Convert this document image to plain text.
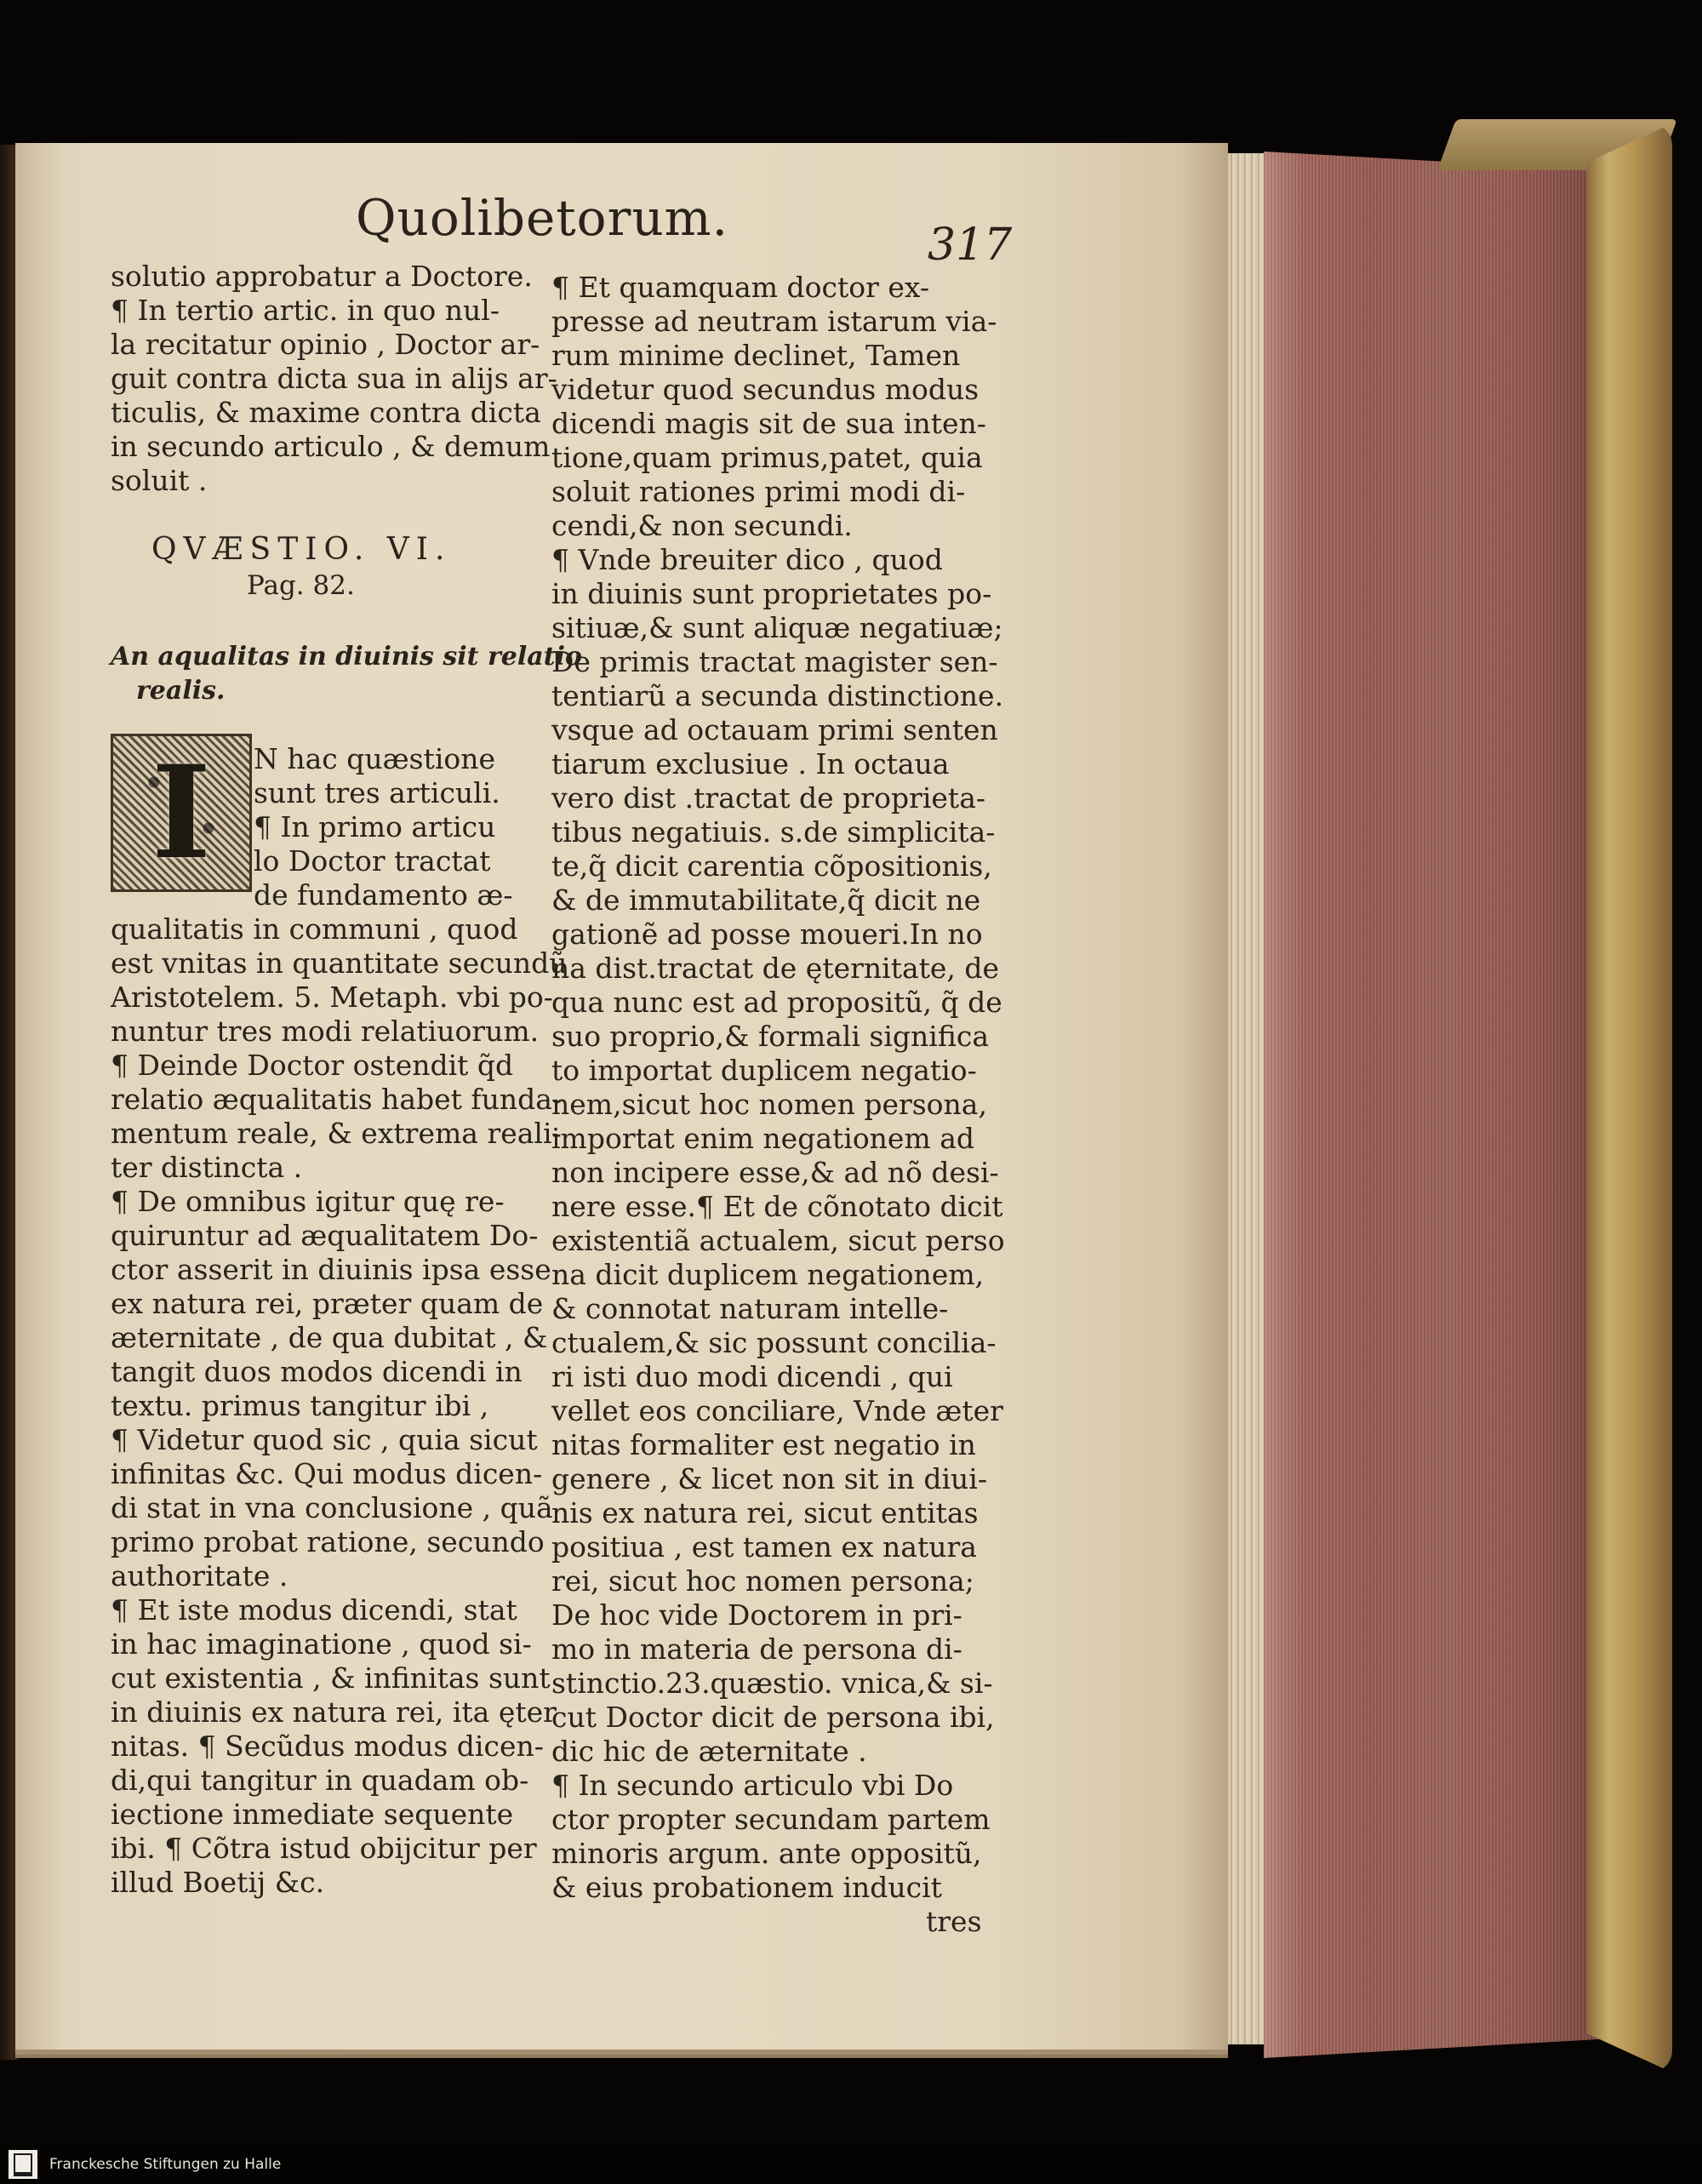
Quolibetorum.	317
solutio approbatur a Doctore.
¶ In tertio artic. in quo nul-
la recitatur opinio , Doctor ar-
guit contra dicta sua in alijs ar-
ticulis, & maxime contra dicta
in secundo articulo , & demum
soluit .
QVÆSTIO. VI.
Pag. 82.
An aqualitas in diuinis sit relatio
realis.
I N hac quæstione
sunt tres articuli.
¶ In primo articu
lo Doctor tractat
de fundamento æ-
qualitatis in communi , quod
est vnitas in quantitate secundũ
Aristotelem. 5. Metaph. vbi po-
nuntur tres modi relatiuorum.
¶ Deinde Doctor ostendit q̃d
relatio æqualitatis habet funda-
mentum reale, & extrema reali-
ter distincta .
¶ De omnibus igitur quę re-
quiruntur ad æqualitatem Do-
ctor asserit in diuinis ipsa esse
ex natura rei, præter quam de
æternitate , de qua dubitat , &
tangit duos modos dicendi in
textu. primus tangitur ibi ,
¶ Videtur quod sic , quia sicut
infinitas &c. Qui modus dicen-
di stat in vna conclusione , quã
primo probat ratione, secundo
authoritate .
¶ Et iste modus dicendi, stat
in hac imaginatione , quod si-
cut existentia , & infinitas sunt
in diuinis ex natura rei, ita ęter
nitas. ¶ Secũdus modus dicen-
di,qui tangitur in quadam ob-
iectione inmediate sequente
ibi. ¶ Cõtra istud obijcitur per
illud Boetij &c.
¶ Et quamquam doctor ex-
presse ad neutram istarum via-
rum minime declinet, Tamen
videtur quod secundus modus
dicendi magis sit de sua inten-
tione,quam primus,patet, quia
soluit rationes primi modi di-
cendi,& non secundi.
¶ Vnde breuiter dico , quod
in diuinis sunt proprietates po-
sitiuæ,& sunt aliquæ negatiuæ;
De primis tractat magister sen-
tentiarũ a secunda distinctione.
vsque ad octauam primi senten
tiarum exclusiue . In octaua
vero dist .tractat de proprieta-
tibus negatiuis. s.de simplicita-
te,q̃ dicit carentia cõpositionis,
& de immutabilitate,q̃ dicit ne
gationẽ ad posse moueri.In no
na dist.tractat de ęternitate, de
qua nunc est ad propositũ, q̃ de
suo proprio,& formali significa
to importat duplicem negatio-
nem,sicut hoc nomen persona,
importat enim negationem ad
non incipere esse,& ad nõ desi-
nere esse.¶ Et de cõnotato dicit
existentiã actualem, sicut perso
na dicit duplicem negationem,
& connotat naturam intelle-
ctualem,& sic possunt concilia-
ri isti duo modi dicendi , qui
vellet eos conciliare, Vnde æter
nitas formaliter est negatio in
genere , & licet non sit in diui-
nis ex natura rei, sicut entitas
positiua , est tamen ex natura
rei, sicut hoc nomen persona;
De hoc vide Doctorem in pri-
mo in materia de persona di-
stinctio.23.quæstio. vnica,& si-
cut Doctor dicit de persona ibi,
dic hic de æternitate .
¶ In secundo articulo vbi Do
ctor propter secundam partem
minoris argum. ante oppositũ,
& eius probationem inducit
tres
Franckesche Stiftungen zu Halle
